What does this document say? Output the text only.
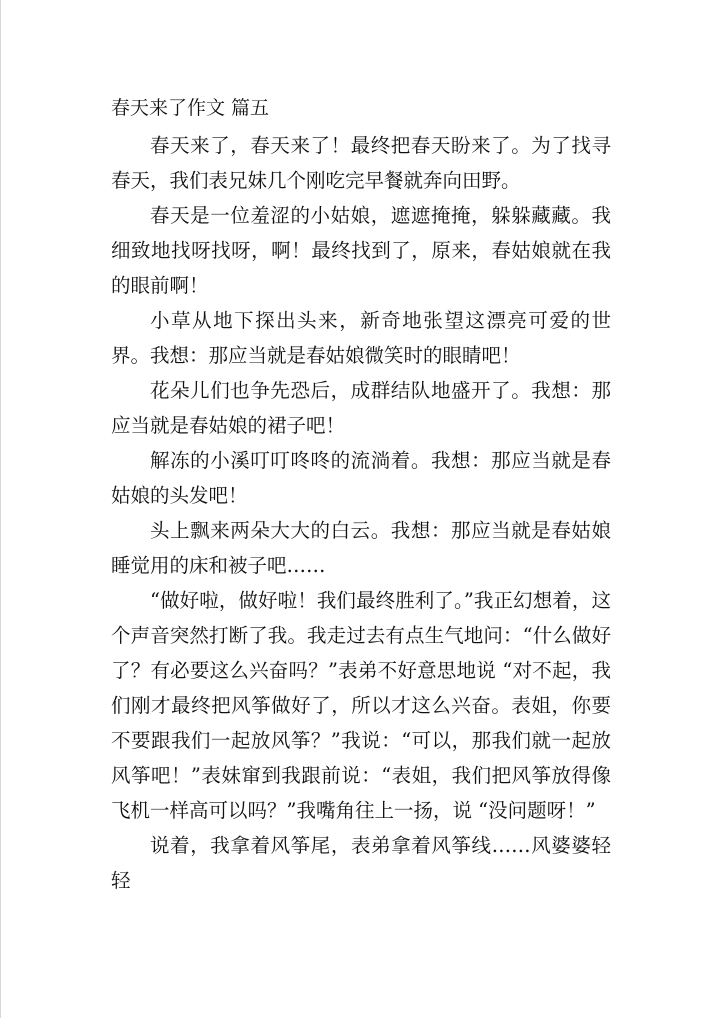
春天来了作文 篇五

春天来了，春天来了！最终把春天盼来了。为了找寻春天，我们表兄妹几个刚吃完早餐就奔向田野。

春天是一位羞涩的小姑娘，遮遮掩掩，躲躲藏藏。我细致地找呀找呀，啊！最终找到了，原来，春姑娘就在我的眼前啊！

小草从地下探出头来，新奇地张望这漂亮可爱的世界。我想：那应当就是春姑娘微笑时的眼睛吧！

花朵儿们也争先恐后，成群结队地盛开了。我想：那应当就是春姑娘的裙子吧！

解冻的小溪叮叮咚咚的流淌着。我想：那应当就是春姑娘的头发吧！

头上飘来两朵大大的白云。我想：那应当就是春姑娘睡觉用的床和被子吧……

“做好啦，做好啦！我们最终胜利了。”我正幻想着，这个声音突然打断了我。我走过去有点生气地问：“什么做好了？有必要这么兴奋吗？”表弟不好意思地说 “对不起，我们刚才最终把风筝做好了，所以才这么兴奋。表姐，你要不要跟我们一起放风筝？”我说：“可以，那我们就一起放风筝吧！”表妹窜到我跟前说：“表姐，我们把风筝放得像飞机一样高可以吗？”我嘴角往上一扬，说 “没问题呀！”

说着，我拿着风筝尾，表弟拿着风筝线……风婆婆轻轻
